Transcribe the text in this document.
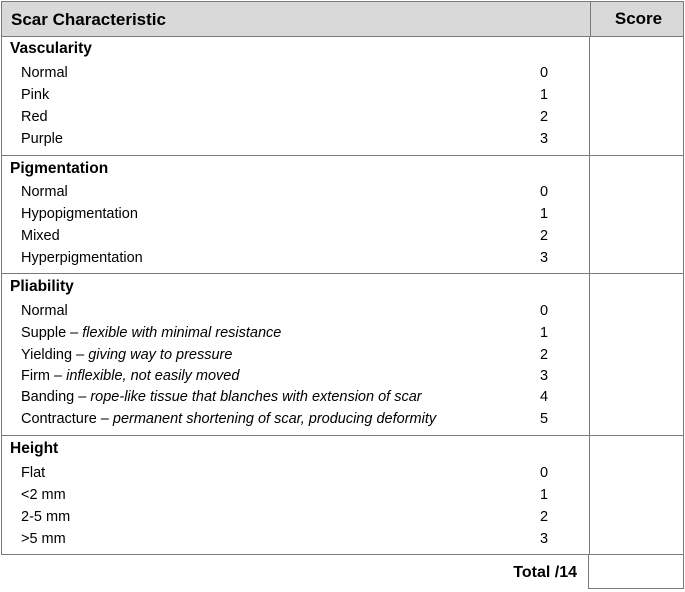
Scar Characteristic	Score
Vascularity
Normal	0
Pink	1
Red	2
Purple	3
Pigmentation
Normal	0
Hypopigmentation	1
Mixed	2
Hyperpigmentation	3
Pliability
Normal	0
Supple – flexible with minimal resistance	1
Yielding – giving way to pressure	2
Firm – inflexible, not easily moved	3
Banding – rope-like tissue that blanches with extension of scar	4
Contracture – permanent shortening of scar, producing deformity	5
Height
Flat	0
<2 mm	1
2-5 mm	2
>5 mm	3
Total /14
